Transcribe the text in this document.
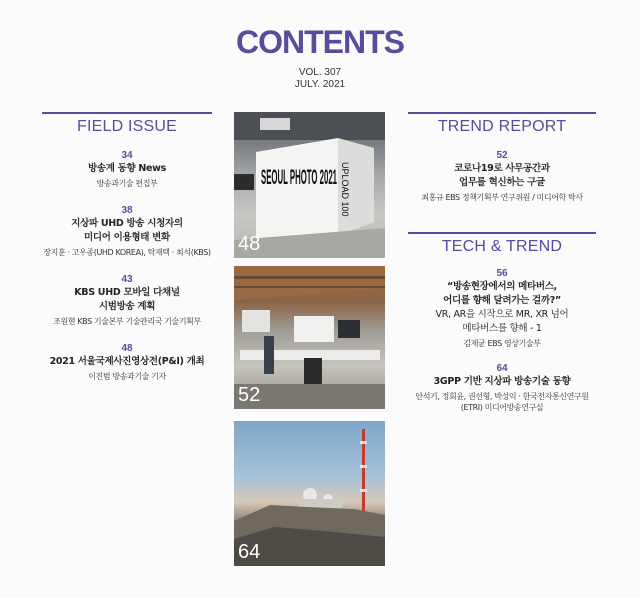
CONTENTS
VOL. 307
JULY. 2021
FIELD ISSUE
34
방송계 동향 News
방송과기술 편집부
38
지상파 UHD 방송 시청자의
미디어 이용형태 변화
장지훈 · 고우종(UHD KOREA), 탁재택 · 최석(KBS)
43
KBS UHD 모바일 다채널
시범방송 계획
조원현 KBS 기술본부 기술관리국 기술기획부
48
2021 서울국제사진영상전(P&I) 개최
이진범 방송과기술 기자
SEOUL PHOTO 2021 UPLOAD 100
48
52
64
TREND REPORT
52
코로나19로 사무공간과
업무를 혁신하는 구글
최홍규 EBS 정책기획부 연구위원 / 미디어학 박사
TECH & TREND
56
“방송현장에서의 메타버스,
어디를 향해 달려가는 걸까?”
VR, AR을 시작으로 MR, XR 넘어
메타버스를 향해 - 1
김제균 EBS 영상기술부
64
3GPP 기반 지상파 방송기술 동향
안석기, 정회윤, 권선형, 박성익 · 한국전자통신연구원
(ETRI) 미디어방송연구실
